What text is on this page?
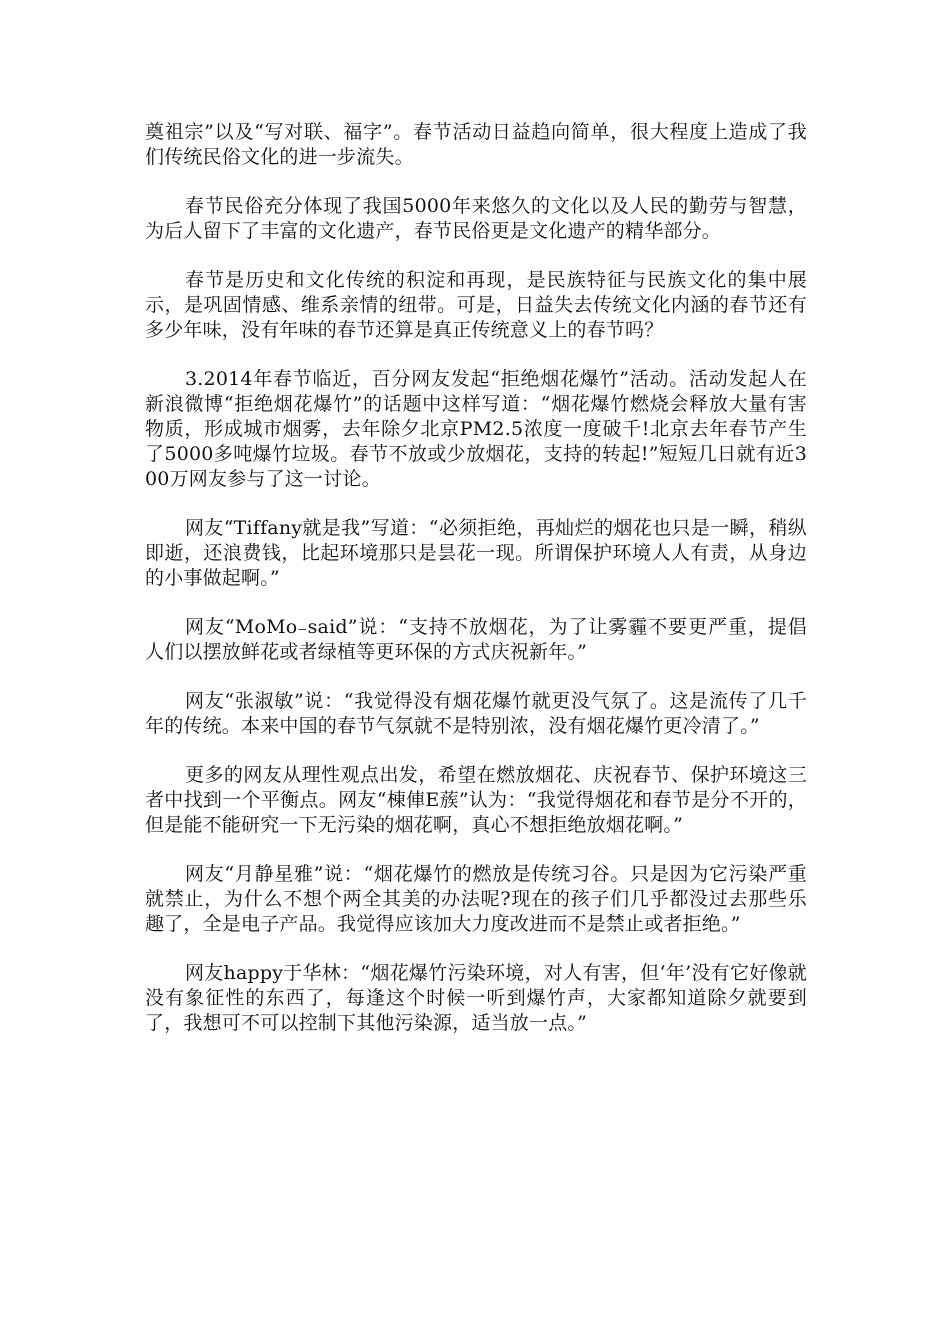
奠祖宗”以及“写对联、福字”。春节活动日益趋向简单，很大程度上造成了我们传统民俗文化的进一步流失。

春节民俗充分体现了我国5000年来悠久的文化以及人民的勤劳与智慧，为后人留下了丰富的文化遗产，春节民俗更是文化遗产的精华部分。

春节是历史和文化传统的积淀和再现，是民族特征与民族文化的集中展示，是巩固情感、维系亲情的纽带。可是，日益失去传统文化内涵的春节还有多少年味，没有年味的春节还算是真正传统意义上的春节吗？

3.2014年春节临近，百分网友发起“拒绝烟花爆竹”活动。活动发起人在新浪微博“拒绝烟花爆竹”的话题中这样写道：“烟花爆竹燃烧会释放大量有害物质，形成城市烟雾，去年除夕北京PM2.5浓度一度破千!北京去年春节产生了5000多吨爆竹垃圾。春节不放或少放烟花，支持的转起!”短短几日就有近300万网友参与了这一讨论。

网友“Tiffany就是我”写道：“必须拒绝，再灿烂的烟花也只是一瞬，稍纵即逝，还浪费钱，比起环境那只是昙花一现。所谓保护环境人人有责，从身边的小事做起啊。”

网友“MoMo₋said”说：“支持不放烟花，为了让雾霾不要更严重，提倡人们以摆放鲜花或者绿植等更环保的方式庆祝新年。”

网友“张淑敏”说：“我觉得没有烟花爆竹就更没气氛了。这是流传了几千年的传统。本来中国的春节气氛就不是特别浓，没有烟花爆竹更冷清了。”

更多的网友从理性观点出发，希望在燃放烟花、庆祝春节、保护环境这三者中找到一个平衡点。网友“棟俥E蔟”认为：“我觉得烟花和春节是分不开的，但是能不能研究一下无污染的烟花啊，真心不想拒绝放烟花啊。”

网友“月静星雅”说：“烟花爆竹的燃放是传统习谷。只是因为它污染严重就禁止，为什么不想个两全其美的办法呢?现在的孩子们几乎都没过去那些乐趣了，全是电子产品。我觉得应该加大力度改进而不是禁止或者拒绝。”

网友happy于华林：“烟花爆竹污染环境，对人有害，但‘年’没有它好像就没有象征性的东西了，每逢这个时候一听到爆竹声，大家都知道除夕就要到了，我想可不可以控制下其他污染源，适当放一点。”
